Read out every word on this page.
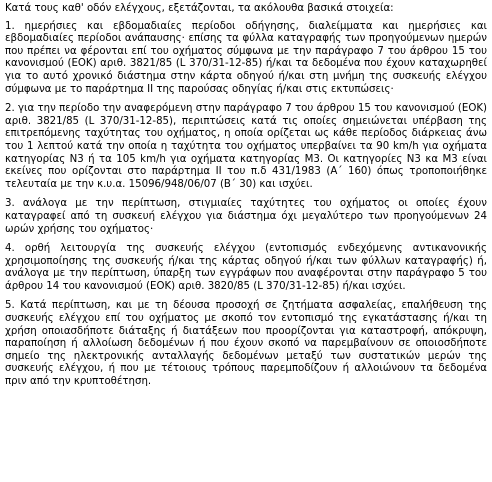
Κατά τους καθ' οδόν ελέγχους, εξετάζονται, τα ακόλουθα βασικά στοιχεία:

1. ημερήσιες και εβδομαδιαίες περίοδοι οδήγησης, διαλείμματα και ημερήσιες και εβδομαδιαίες περίοδοι ανάπαυσης· επίσης τα φύλλα καταγραφής των προηγούμενων ημερών που πρέπει να φέρονται επί του οχήματος σύμφωνα με την παράγραφο 7 του άρθρου 15 του κανονισμού (ΕΟΚ) αριθ. 3821/85 (L 370/31-12-85) ή/και τα δεδομένα που έχουν καταχωρηθεί για το αυτό χρονικό διάστημα στην κάρτα οδηγού ή/και στη μνήμη της συσκευής ελέγχου σύμφωνα με το παράρτημα ΙΙ της παρούσας οδηγίας ή/και στις εκτυπώσεις·

2. για την περίοδο την αναφερόμενη στην παράγραφο 7 του άρθρου 15 του κανονισμού (ΕΟΚ) αριθ. 3821/85 (L 370/31-12-85), περιπτώσεις κατά τις οποίες σημειώνεται υπέρβαση της επιτρεπόμενης ταχύτητας του οχήματος, η οποία ορίζεται ως κάθε περίοδος διάρκειας άνω του 1 λεπτού κατά την οποία η ταχύτητα του οχήματος υπερβαίνει τα 90 km/h για οχήματα κατηγορίας Ν3 ή τα 105 km/h για οχήματα κατηγορίας Μ3. Οι κατηγορίες Ν3 κα Μ3 είναι εκείνες που ορίζονται στο παράρτημα ΙΙ του π.δ 431/1983 (Α΄ 160) όπως τροποποιήθηκε τελευταία με την κ.υ.α. 15096/948/06/07 (Β΄ 30) και ισχύει.

3. ανάλογα με την περίπτωση, στιγμιαίες ταχύτητες του οχήματος οι οποίες έχουν καταγραφεί από τη συσκευή ελέγχου για διάστημα όχι μεγαλύτερο των προηγούμενων 24 ωρών χρήσης του οχήματος·

4. ορθή λειτουργία της συσκευής ελέγχου (εντοπισμός ενδεχόμενης αντικανονικής χρησιμοποίησης της συσκευής ή/και της κάρτας οδηγού ή/και των φύλλων καταγραφής) ή, ανάλογα με την περίπτωση, ύπαρξη των εγγράφων που αναφέρονται στην παράγραφο 5 του άρθρου 14 του κανονισμού (ΕΟΚ) αριθ. 3820/85 (L 370/31-12-85) ή/και ισχύει.

5. Κατά περίπτωση, και με τη δέουσα προσοχή σε ζητήματα ασφαλείας, επαλήθευση της συσκευής ελέγχου επί του οχήματος με σκοπό τον εντοπισμό της εγκατάστασης ή/και τη χρήση οποιασδήποτε διάταξης ή διατάξεων που προορίζονται για καταστροφή, απόκρυψη, παραποίηση ή αλλοίωση δεδομένων ή που έχουν σκοπό να παρεμβαίνουν σε οποιοσδήποτε σημείο της ηλεκτρονικής ανταλλαγής δεδομένων μεταξύ των συστατικών μερών της συσκευής ελέγχου, ή που με τέτοιους τρόπους παρεμποδίζουν ή αλλοιώνουν τα δεδομένα πριν από την κρυπτοθέτηση.
